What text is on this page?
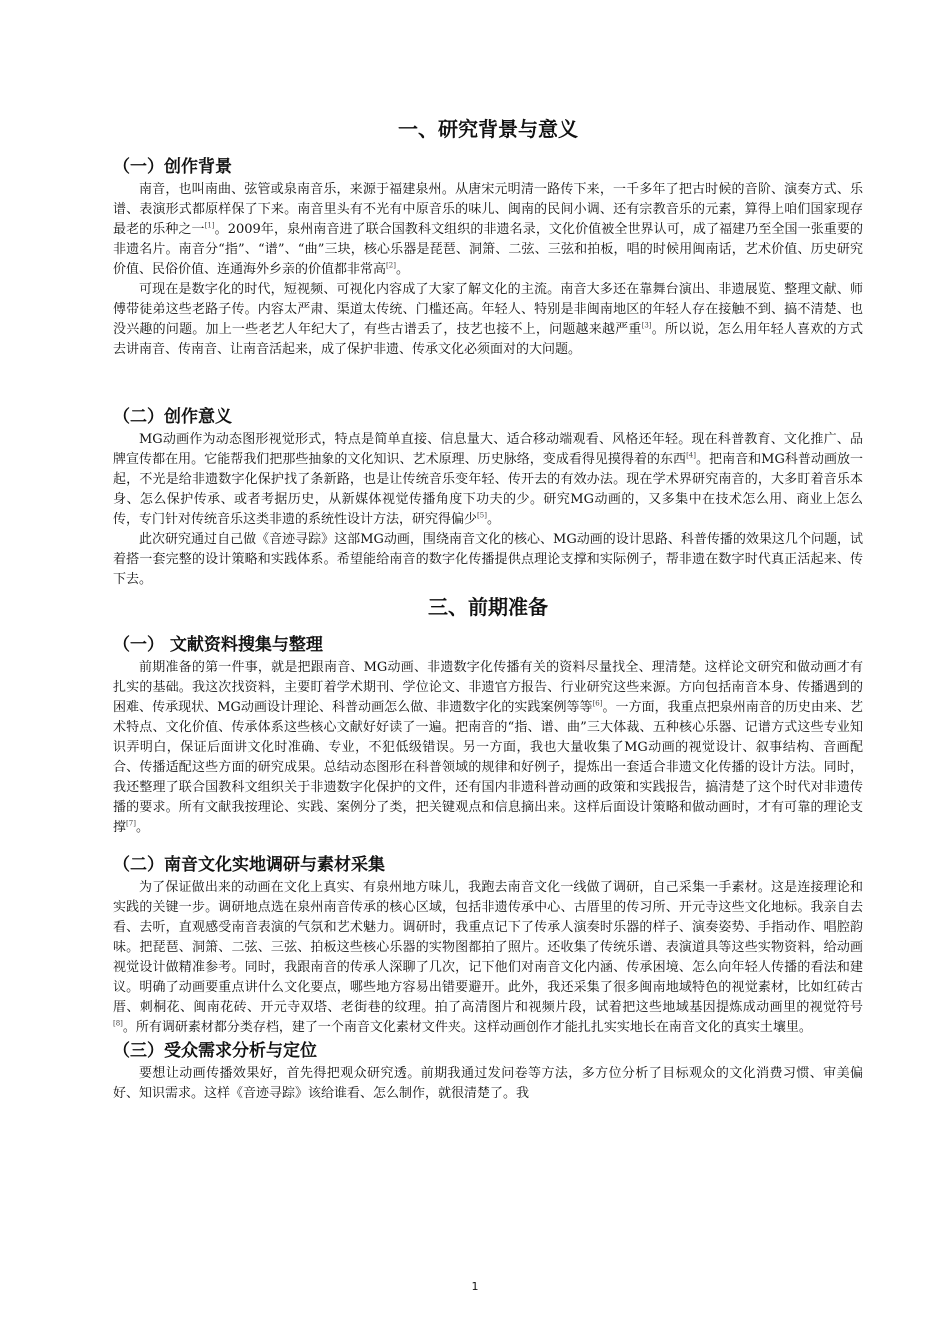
一、研究背景与意义
（一）创作背景

南音，也叫南曲、弦管或泉南音乐，来源于福建泉州。从唐宋元明清一路传下来，一千多年了把古时候的音阶、演奏方式、乐谱、表演形式都原样保了下来。南音里头有不光有中原音乐的味儿、闽南的民间小调、还有宗教音乐的元素，算得上咱们国家现存最老的乐种之一[1]。2009年，泉州南音进了联合国教科文组织的非遗名录，文化价值被全世界认可，成了福建乃至全国一张重要的非遗名片。南音分“指”、“谱”、“曲”三块，核心乐器是琵琶、洞箫、二弦、三弦和拍板，唱的时候用闽南话，艺术价值、历史研究价值、民俗价值、连通海外乡亲的价值都非常高[2]。

可现在是数字化的时代，短视频、可视化内容成了大家了解文化的主流。南音大多还在靠舞台演出、非遗展览、整理文献、师傅带徒弟这些老路子传。内容太严肃、渠道太传统、门槛还高。年轻人、特别是非闽南地区的年轻人存在接触不到、搞不清楚、也没兴趣的问题。加上一些老艺人年纪大了，有些古谱丢了，技艺也接不上，问题越来越严重[3]。所以说，怎么用年轻人喜欢的方式去讲南音、传南音、让南音活起来，成了保护非遗、传承文化必须面对的大问题。

（二）创作意义

MG动画作为动态图形视觉形式，特点是简单直接、信息量大、适合移动端观看、风格还年轻。现在科普教育、文化推广、品牌宣传都在用。它能帮我们把那些抽象的文化知识、艺术原理、历史脉络，变成看得见摸得着的东西[4]。把南音和MG科普动画放一起，不光是给非遗数字化保护找了条新路，也是让传统音乐变年轻、传开去的有效办法。现在学术界研究南音的，大多盯着音乐本身、怎么保护传承、或者考据历史，从新媒体视觉传播角度下功夫的少。研究MG动画的，又多集中在技术怎么用、商业上怎么传，专门针对传统音乐这类非遗的系统性设计方法，研究得偏少[5]。

此次研究通过自己做《音迹寻踪》这部MG动画，围绕南音文化的核心、MG动画的设计思路、科普传播的效果这几个问题，试着搭一套完整的设计策略和实践体系。希望能给南音的数字化传播提供点理论支撑和实际例子，帮非遗在数字时代真正活起来、传下去。

三、前期准备
（一） 文献资料搜集与整理

前期准备的第一件事，就是把跟南音、MG动画、非遗数字化传播有关的资料尽量找全、理清楚。这样论文研究和做动画才有扎实的基础。我这次找资料，主要盯着学术期刊、学位论文、非遗官方报告、行业研究这些来源。方向包括南音本身、传播遇到的困难、传承现状、MG动画设计理论、科普动画怎么做、非遗数字化的实践案例等等[6]。一方面，我重点把泉州南音的历史由来、艺术特点、文化价值、传承体系这些核心文献好好读了一遍。把南音的“指、谱、曲”三大体裁、五种核心乐器、记谱方式这些专业知识弄明白，保证后面讲文化时准确、专业，不犯低级错误。另一方面，我也大量收集了MG动画的视觉设计、叙事结构、音画配合、传播适配这些方面的研究成果。总结动态图形在科普领域的规律和好例子，提炼出一套适合非遗文化传播的设计方法。同时，我还整理了联合国教科文组织关于非遗数字化保护的文件，还有国内非遗科普动画的政策和实践报告，搞清楚了这个时代对非遗传播的要求。所有文献我按理论、实践、案例分了类，把关键观点和信息摘出来。这样后面设计策略和做动画时，才有可靠的理论支撑[7]。

（二）南音文化实地调研与素材采集

为了保证做出来的动画在文化上真实、有泉州地方味儿，我跑去南音文化一线做了调研，自己采集一手素材。这是连接理论和实践的关键一步。调研地点选在泉州南音传承的核心区域，包括非遗传承中心、古厝里的传习所、开元寺这些文化地标。我亲自去看、去听，直观感受南音表演的气氛和艺术魅力。调研时，我重点记下了传承人演奏时乐器的样子、演奏姿势、手指动作、唱腔韵味。把琵琶、洞箫、二弦、三弦、拍板这些核心乐器的实物图都拍了照片。还收集了传统乐谱、表演道具等这些实物资料，给动画视觉设计做精准参考。同时，我跟南音的传承人深聊了几次，记下他们对南音文化内涵、传承困境、怎么向年轻人传播的看法和建议。明确了动画要重点讲什么文化要点，哪些地方容易出错要避开。此外，我还采集了很多闽南地域特色的视觉素材，比如红砖古厝、刺桐花、闽南花砖、开元寺双塔、老街巷的纹理。拍了高清图片和视频片段，试着把这些地域基因提炼成动画里的视觉符号[8]。所有调研素材都分类存档，建了一个南音文化素材文件夹。这样动画创作才能扎扎实实地长在南音文化的真实土壤里。

（三）受众需求分析与定位

要想让动画传播效果好，首先得把观众研究透。前期我通过发问卷等方法，多方位分析了目标观众的文化消费习惯、审美偏好、知识需求。这样《音迹寻踪》该给谁看、怎么制作，就很清楚了。我

1
